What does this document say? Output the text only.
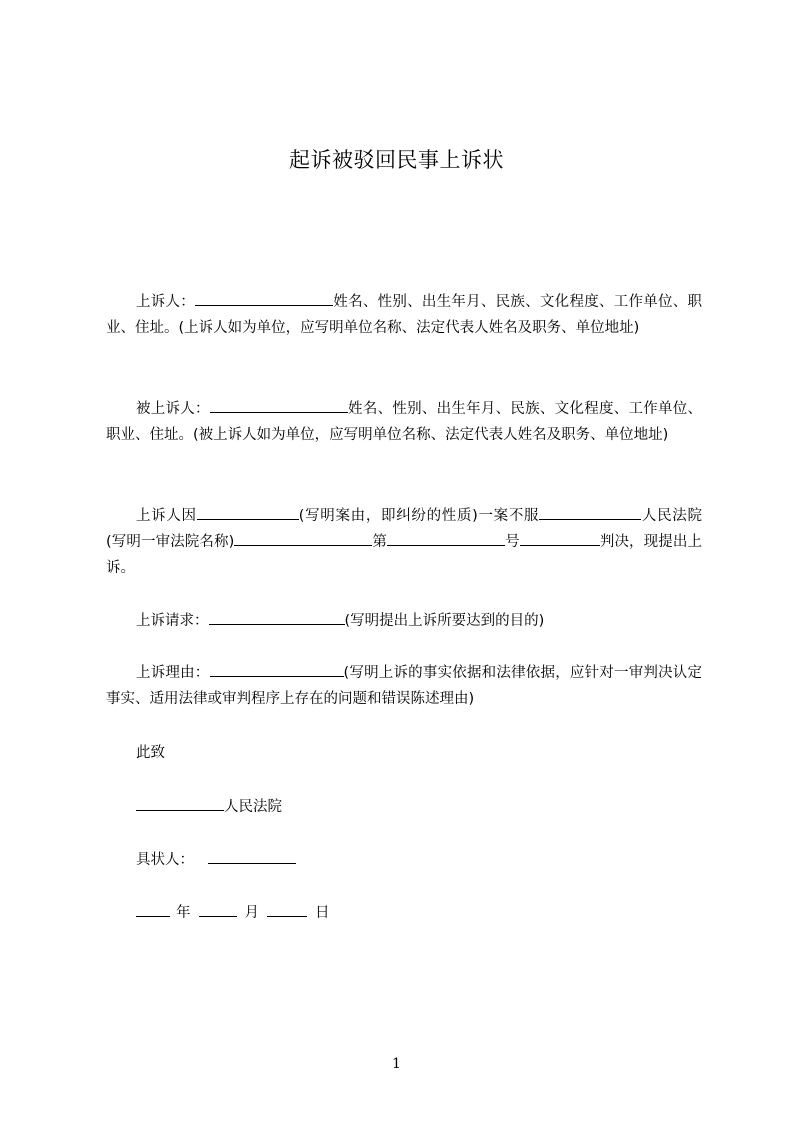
起诉被驳回民事上诉状
上诉人：	姓名、性别、出生年月、民族、文化程度、工作单位、职业、住址。(上诉人如为单位，应写明单位名称、法定代表人姓名及职务、单位地址)
被上诉人：	姓名、性别、出生年月、民族、文化程度、工作单位、职业、住址。(被上诉人如为单位，应写明单位名称、法定代表人姓名及职务、单位地址)
上诉人因	(写明案由，即纠纷的性质)一案不服	人民法院(写明一审法院名称)	第	号	判决，现提出上诉。
上诉请求：	(写明提出上诉所要达到的目的)
上诉理由：	(写明上诉的事实依据和法律依据，应针对一审判决认定事实、适用法律或审判程序上存在的问题和错误陈述理由)
此致
人民法院
具状人：
年	月	日
1
